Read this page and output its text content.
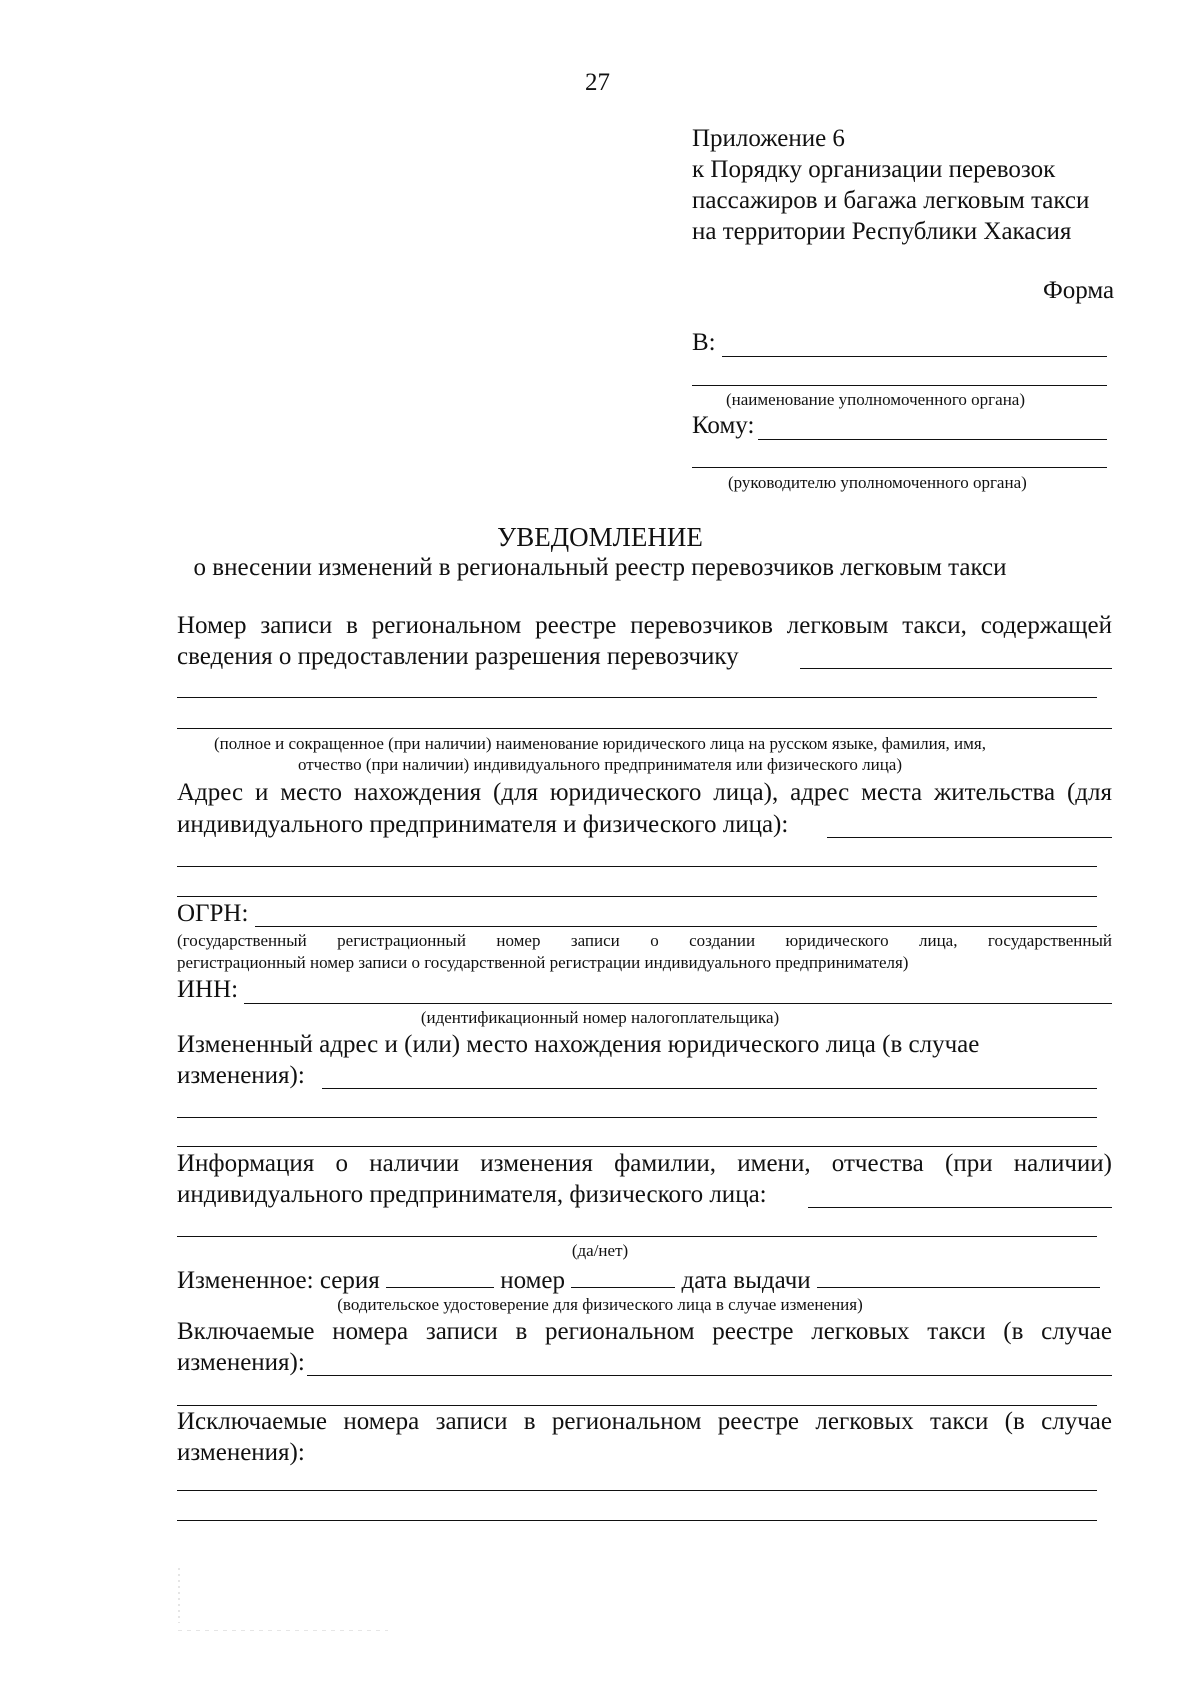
27
Приложение 6
к Порядку организации перевозок
пассажиров и багажа легковым такси
на территории Республики Хакасия
Форма
В:
(наименование уполномоченного органа)
Кому:
(руководителю уполномоченного органа)
УВЕДОМЛЕНИЕ
о внесении изменений в региональный реестр перевозчиков легковым такси
Номер записи в региональном реестре перевозчиков легковым такси, содержащей
сведения о предоставлении разрешения перевозчику
(полное и сокращенное (при наличии) наименование юридического лица на русском языке, фамилия, имя,
отчество (при наличии) индивидуального предпринимателя или физического лица)
Адрес и место нахождения (для юридического лица), адрес места жительства (для
индивидуального предпринимателя и физического лица):
ОГРН:
(государственный регистрационный номер записи о создании юридического лица, государственный
регистрационный номер записи о государственной регистрации индивидуального предпринимателя)
ИНН:
(идентификационный номер налогоплательщика)
Измененный адрес и (или) место нахождения юридического лица (в случае
изменения):
Информация о наличии изменения фамилии, имени, отчества (при наличии)
индивидуального предпринимателя, физического лица:
(да/нет)
Измененное: серия	номер	дата выдачи
(водительское удостоверение для физического лица в случае изменения)
Включаемые номера записи в региональном реестре легковых такси (в случае
изменения):
Исключаемые номера записи в региональном реестре легковых такси (в случае
изменения):
